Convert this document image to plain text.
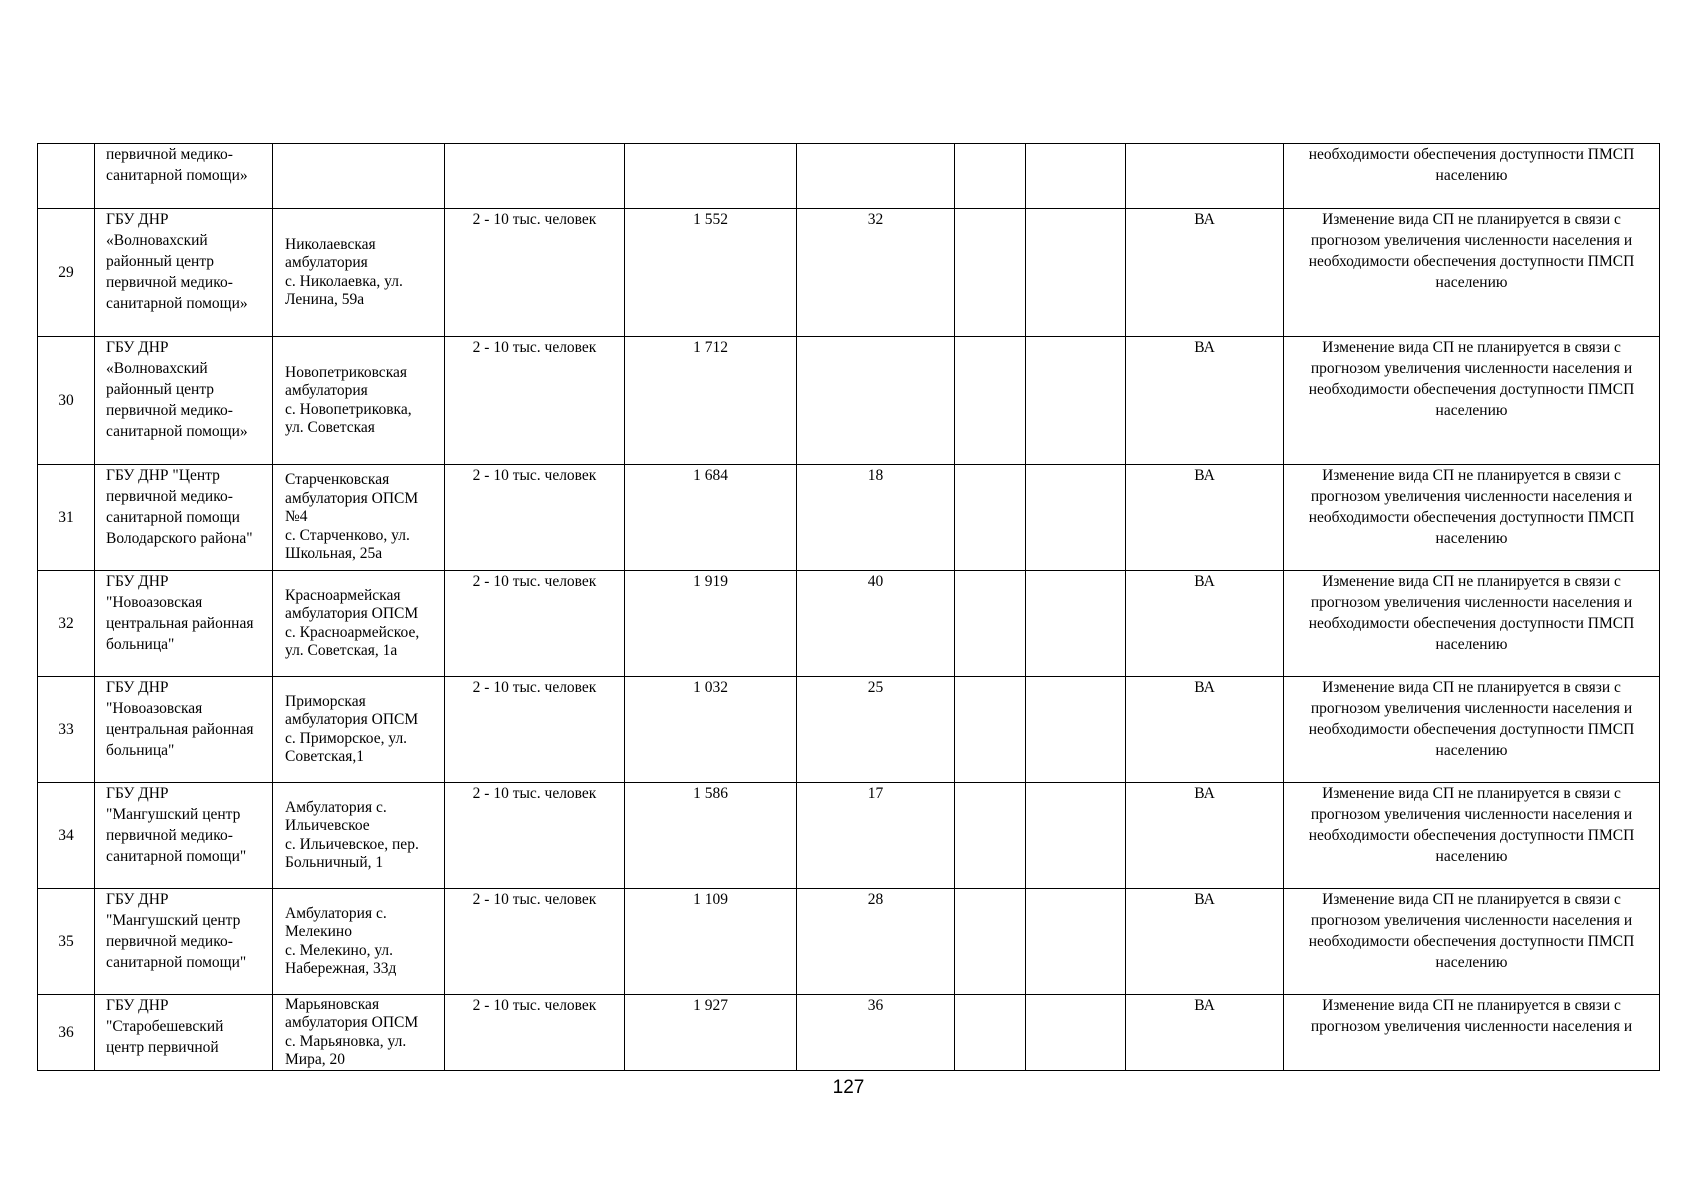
	первичной медико-
санитарной помощи»								необходимости обеспечения доступности ПМСП
населению
29	ГБУ ДНР
«Волновахский
районный центр
первичной медико-
санитарной помощи»	Николаевская
амбулатория
с. Николаевка, ул.
Ленина, 59а	2 - 10 тыс. человек	1 552	32			ВА	Изменение вида СП не планируется в связи с
прогнозом увеличения численности населения и
необходимости обеспечения доступности ПМСП
населению
30	ГБУ ДНР
«Волновахский
районный центр
первичной медико-
санитарной помощи»	Новопетриковская
амбулатория
с. Новопетриковка,
ул. Советская	2 - 10 тыс. человек	1 712				ВА	Изменение вида СП не планируется в связи с
прогнозом увеличения численности населения и
необходимости обеспечения доступности ПМСП
населению
31	ГБУ ДНР "Центр
первичной медико-
санитарной помощи
Володарского района"	Старченковская
амбулатория ОПСМ
№4
с. Старченково, ул.
Школьная, 25а	2 - 10 тыс. человек	1 684	18			ВА	Изменение вида СП не планируется в связи с
прогнозом увеличения численности населения и
необходимости обеспечения доступности ПМСП
населению
32	ГБУ ДНР
"Новоазовская
центральная районная
больница"	Красноармейская
амбулатория ОПСМ
с. Красноармейское,
ул. Советская, 1а	2 - 10 тыс. человек	1 919	40			ВА	Изменение вида СП не планируется в связи с
прогнозом увеличения численности населения и
необходимости обеспечения доступности ПМСП
населению
33	ГБУ ДНР
"Новоазовская
центральная районная
больница"	Приморская
амбулатория ОПСМ
с. Приморское, ул.
Советская,1	2 - 10 тыс. человек	1 032	25			ВА	Изменение вида СП не планируется в связи с
прогнозом увеличения численности населения и
необходимости обеспечения доступности ПМСП
населению
34	ГБУ ДНР
"Мангушский центр
первичной медико-
санитарной помощи"	Амбулатория с.
Ильичевское
с. Ильичевское, пер.
Больничный, 1	2 - 10 тыс. человек	1 586	17			ВА	Изменение вида СП не планируется в связи с
прогнозом увеличения численности населения и
необходимости обеспечения доступности ПМСП
населению
35	ГБУ ДНР
"Мангушский центр
первичной медико-
санитарной помощи"	Амбулатория с.
Мелекино
с. Мелекино, ул.
Набережная, 33д	2 - 10 тыс. человек	1 109	28			ВА	Изменение вида СП не планируется в связи с
прогнозом увеличения численности населения и
необходимости обеспечения доступности ПМСП
населению
36	ГБУ ДНР
"Старобешевский
центр первичной	Марьяновская
амбулатория ОПСМ
с. Марьяновка, ул.
Мира, 20	2 - 10 тыс. человек	1 927	36			ВА	Изменение вида СП не планируется в связи с
прогнозом увеличения численности населения и
127
